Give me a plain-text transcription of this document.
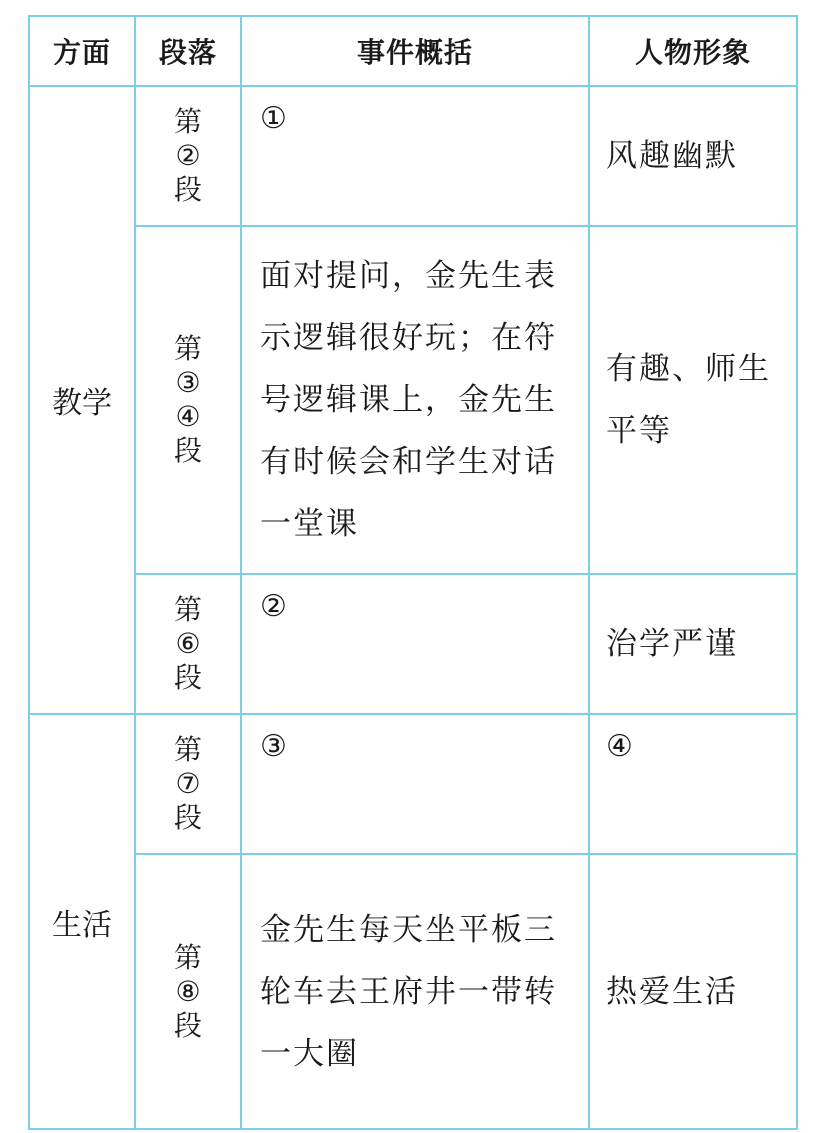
方面	段落	事件概括	人物形象
教学	第
②
段	①	风趣幽默

	第
③
④
段	面对提问，金先生表示逻辑很好玩；在符号逻辑课上，金先生有时候会和学生对话一堂课	有趣、师生平等

	第
⑥
段	②	治学严谨
生活	第
⑦
段	③	④

	第
⑧
段	金先生每天坐平板三轮车去王府井一带转一大圈	热爱生活
